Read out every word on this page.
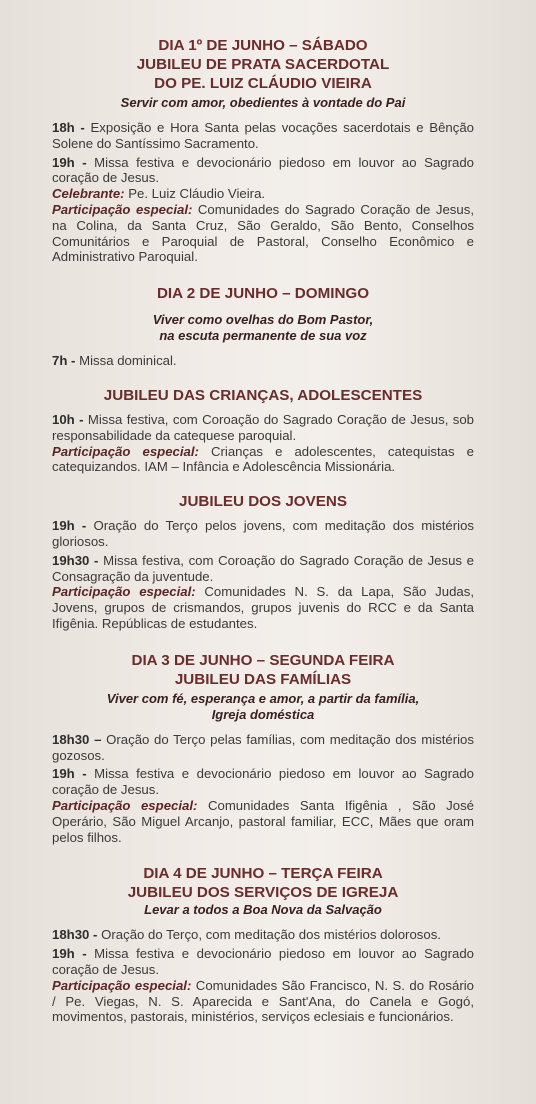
DIA 1º DE JUNHO – SÁBADO

JUBILEU DE PRATA SACERDOTAL

DO PE. LUIZ CLÁUDIO VIEIRA

Servir com amor, obedientes à vontade do Pai

18h - Exposição e Hora Santa pelas vocações sacerdotais e Bênção Solene do Santíssimo Sacramento.

19h - Missa festiva e devocionário piedoso em louvor ao Sagrado coração de Jesus.

Celebrante: Pe. Luiz Cláudio Vieira.

Participação especial: Comunidades do Sagrado Coração de Jesus, na Colina, da Santa Cruz, São Geraldo, São Bento, Conselhos Comunitários e Paroquial de Pastoral, Conselho Econômico e Administrativo Paroquial.

DIA 2 DE JUNHO – DOMINGO

Viver como ovelhas do Bom Pastor,

na escuta permanente de sua voz

7h - Missa dominical.

JUBILEU DAS CRIANÇAS, ADOLESCENTES

10h - Missa festiva, com Coroação do Sagrado Coração de Jesus, sob responsabilidade da catequese paroquial.

Participação especial: Crianças e adolescentes, catequistas e catequizandos. IAM – Infância e Adolescência Missionária.

JUBILEU DOS JOVENS

19h - Oração do Terço pelos jovens, com meditação dos mistérios gloriosos.

19h30 - Missa festiva, com Coroação do Sagrado Coração de Jesus e Consagração da juventude.

Participação especial: Comunidades N. S. da Lapa, São Judas, Jovens, grupos de crismandos, grupos juvenis do RCC e da Santa Ifigênia. Repúblicas de estudantes.

DIA 3 DE JUNHO – SEGUNDA FEIRA

JUBILEU DAS FAMÍLIAS

Viver com fé, esperança e amor, a partir da família,

Igreja doméstica

18h30 – Oração do Terço pelas famílias, com meditação dos mistérios gozosos.

19h - Missa festiva e devocionário piedoso em louvor ao Sagrado coração de Jesus.

Participação especial: Comunidades Santa Ifigênia , São José Operário, São Miguel Arcanjo, pastoral familiar, ECC, Mães que oram pelos filhos.

DIA 4 DE JUNHO – TERÇA FEIRA

JUBILEU DOS SERVIÇOS DE IGREJA

Levar a todos a Boa Nova da Salvação

18h30 - Oração do Terço, com meditação dos mistérios dolorosos.

19h - Missa festiva e devocionário piedoso em louvor ao Sagrado coração de Jesus.

Participação especial: Comunidades São Francisco, N. S. do Rosário / Pe. Viegas, N. S. Aparecida e Sant'Ana, do Canela e Gogó, movimentos, pastorais, ministérios, serviços eclesiais e funcionários.
